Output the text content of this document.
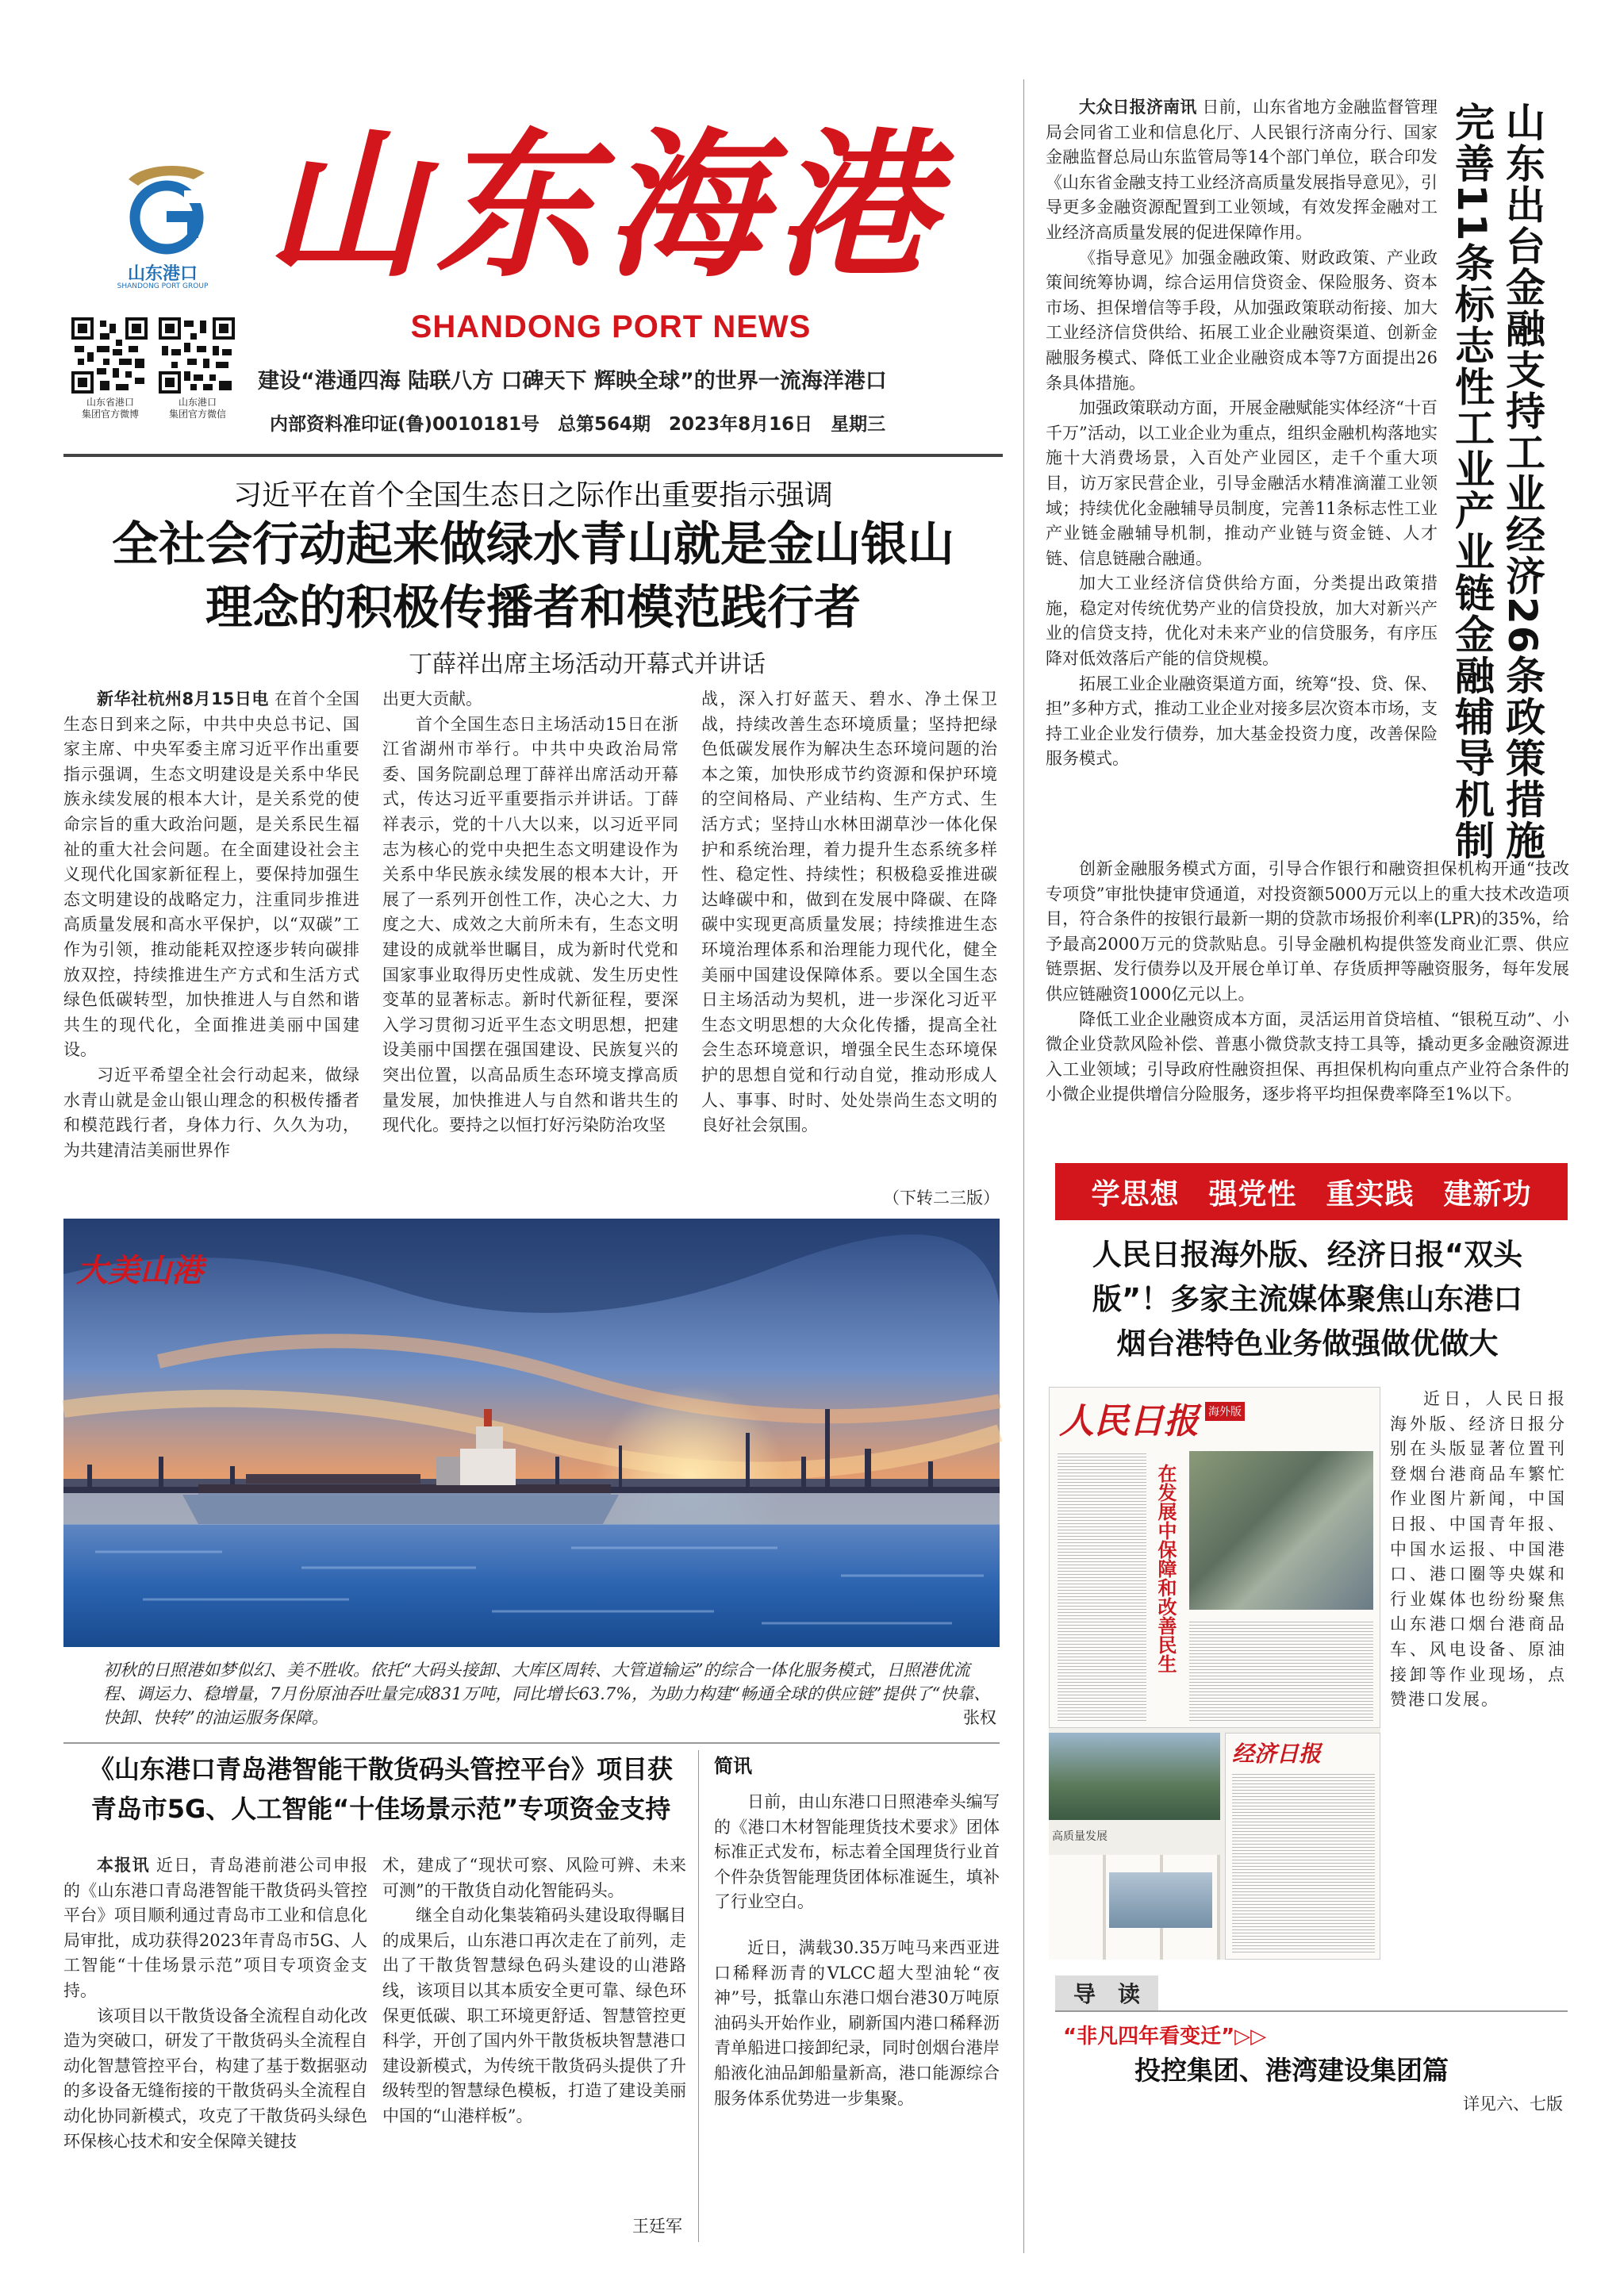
山东港口
SHANDONG PORT GROUP
山东省港口
集团官方微博
山东港口
集团官方微信
山东海港
SHANDONG PORT NEWS
建设“港通四海 陆联八方 口碑天下 辉映全球”的世界一流海洋港口
内部资料准印证(鲁)0010181号　总第564期　2023年8月16日　星期三
习近平在首个全国生态日之际作出重要指示强调
全社会行动起来做绿水青山就是金山银山
理念的积极传播者和模范践行者
丁薛祥出席主场活动开幕式并讲话

新华社杭州8月15日电 在首个全国生态日到来之际，中共中央总书记、国家主席、中央军委主席习近平作出重要指示强调，生态文明建设是关系中华民族永续发展的根本大计，是关系党的使命宗旨的重大政治问题，是关系民生福祉的重大社会问题。在全面建设社会主义现代化国家新征程上，要保持加强生态文明建设的战略定力，注重同步推进高质量发展和高水平保护，以“双碳”工作为引领，推动能耗双控逐步转向碳排放双控，持续推进生产方式和生活方式绿色低碳转型，加快推进人与自然和谐共生的现代化，全面推进美丽中国建设。

习近平希望全社会行动起来，做绿水青山就是金山银山理念的积极传播者和模范践行者，身体力行、久久为功，为共建清洁美丽世界作

出更大贡献。

首个全国生态日主场活动15日在浙江省湖州市举行。中共中央政治局常委、国务院副总理丁薛祥出席活动开幕式，传达习近平重要指示并讲话。丁薛祥表示，党的十八大以来，以习近平同志为核心的党中央把生态文明建设作为关系中华民族永续发展的根本大计，开展了一系列开创性工作，决心之大、力度之大、成效之大前所未有，生态文明建设的成就举世瞩目，成为新时代党和国家事业取得历史性成就、发生历史性变革的显著标志。新时代新征程，要深入学习贯彻习近平生态文明思想，把建设美丽中国摆在强国建设、民族复兴的突出位置，以高品质生态环境支撑高质量发展，加快推进人与自然和谐共生的现代化。要持之以恒打好污染防治攻坚

战，深入打好蓝天、碧水、净土保卫战，持续改善生态环境质量；坚持把绿色低碳发展作为解决生态环境问题的治本之策，加快形成节约资源和保护环境的空间格局、产业结构、生产方式、生活方式；坚持山水林田湖草沙一体化保护和系统治理，着力提升生态系统多样性、稳定性、持续性；积极稳妥推进碳达峰碳中和，做到在发展中降碳、在降碳中实现更高质量发展；持续推进生态环境治理体系和治理能力现代化，健全美丽中国建设保障体系。要以全国生态日主场活动为契机，进一步深化习近平生态文明思想的大众化传播，提高全社会生态环境意识，增强全民生态环境保护的思想自觉和行动自觉，推动形成人人、事事、时时、处处崇尚生态文明的良好社会氛围。

（下转二三版）
大美山港
初秋的日照港如梦似幻、美不胜收。依托“大码头接卸、大库区周转、大管道输运”的综合一体化服务模式，日照港优流程、调运力、稳增量，7月份原油吞吐量完成831万吨，同比增长63.7%，为助力构建“畅通全球的供应链”提供了“快靠、快卸、快转”的油运服务保障。	张权
《山东港口青岛港智能干散货码头管控平台》项目获
青岛市5G、人工智能“十佳场景示范”专项资金支持

本报讯 近日，青岛港前港公司申报的《山东港口青岛港智能干散货码头管控平台》项目顺利通过青岛市工业和信息化局审批，成功获得2023年青岛市5G、人工智能“十佳场景示范”项目专项资金支持。

该项目以干散货设备全流程自动化改造为突破口，研发了干散货码头全流程自动化智慧管控平台，构建了基于数据驱动的多设备无缝衔接的干散货码头全流程自动化协同新模式，攻克了干散货码头绿色环保核心技术和安全保障关键技

术，建成了“现状可察、风险可辨、未来可测”的干散货自动化智能码头。

继全自动化集装箱码头建设取得瞩目的成果后，山东港口再次走在了前列，走出了干散货智慧绿色码头建设的山港路线，该项目以其本质安全更可靠、绿色环保更低碳、职工环境更舒适、智慧管控更科学，开创了国内外干散货板块智慧港口建设新模式，为传统干散货码头提供了升级转型的智慧绿色模板，打造了建设美丽中国的“山港样板”。

王廷军
简讯

日前，由山东港口日照港牵头编写的《港口木材智能理货技术要求》团体标准正式发布，标志着全国理货行业首个件杂货智能理货团体标准诞生，填补了行业空白。

近日，满载30.35万吨马来西亚进口稀释沥青的VLCC超大型油轮“夜神”号，抵靠山东港口烟台港30万吨原油码头开始作业，刷新国内港口稀释沥青单船进口接卸纪录，同时创烟台港岸船液化油品卸船量新高，港口能源综合服务体系优势进一步集聚。

山东出台金融支持工业经济26条政策措施
完善11条标志性工业产业链金融辅导机制

大众日报济南讯 日前，山东省地方金融监督管理局会同省工业和信息化厅、人民银行济南分行、国家金融监督总局山东监管局等14个部门单位，联合印发《山东省金融支持工业经济高质量发展指导意见》，引导更多金融资源配置到工业领域，有效发挥金融对工业经济高质量发展的促进保障作用。

《指导意见》加强金融政策、财政政策、产业政策间统筹协调，综合运用信贷资金、保险服务、资本市场、担保增信等手段，从加强政策联动衔接、加大工业经济信贷供给、拓展工业企业融资渠道、创新金融服务模式、降低工业企业融资成本等7方面提出26条具体措施。

加强政策联动方面，开展金融赋能实体经济“十百千万”活动，以工业企业为重点，组织金融机构落地实施十大消费场景，入百处产业园区，走千个重大项目，访万家民营企业，引导金融活水精准滴灌工业领域；持续优化金融辅导员制度，完善11条标志性工业产业链金融辅导机制，推动产业链与资金链、人才链、信息链融合融通。

加大工业经济信贷供给方面，分类提出政策措施，稳定对传统优势产业的信贷投放，加大对新兴产业的信贷支持，优化对未来产业的信贷服务，有序压降对低效落后产能的信贷规模。

拓展工业企业融资渠道方面，统筹“投、贷、保、担”多种方式，推动工业企业对接多层次资本市场，支持工业企业发行债券，加大基金投资力度，改善保险服务模式。

创新金融服务模式方面，引导合作银行和融资担保机构开通“技改专项贷”审批快捷审贷通道，对投资额5000万元以上的重大技术改造项目，符合条件的按银行最新一期的贷款市场报价利率(LPR)的35%，给予最高2000万元的贷款贴息。引导金融机构提供签发商业汇票、供应链票据、发行债券以及开展仓单订单、存货质押等融资服务，每年发展供应链融资1000亿元以上。

降低工业企业融资成本方面，灵活运用首贷培植、“银税互动”、小微企业贷款风险补偿、普惠小微贷款支持工具等，撬动更多金融资源进入工业领域；引导政府性融资担保、再担保机构向重点产业符合条件的小微企业提供增信分险服务，逐步将平均担保费率降至1%以下。

学思想　强党性　重实践　建新功
人民日报海外版、经济日报“双头
版”！多家主流媒体聚焦山东港口
烟台港特色业务做强做优做大
人民日报 海外版
在发展中保障和改善民生
经济日报
高质量发展

近日，人民日报海外版、经济日报分别在头版显著位置刊登烟台港商品车繁忙作业图片新闻，中国日报、中国青年报、中国水运报、中国港口、港口圈等央媒和行业媒体也纷纷聚焦山东港口烟台港商品车、风电设备、原油接卸等作业现场，点赞港口发展。

导　读
“非凡四年看变迁”▷▷
投控集团、港湾建设集团篇
详见六、七版
